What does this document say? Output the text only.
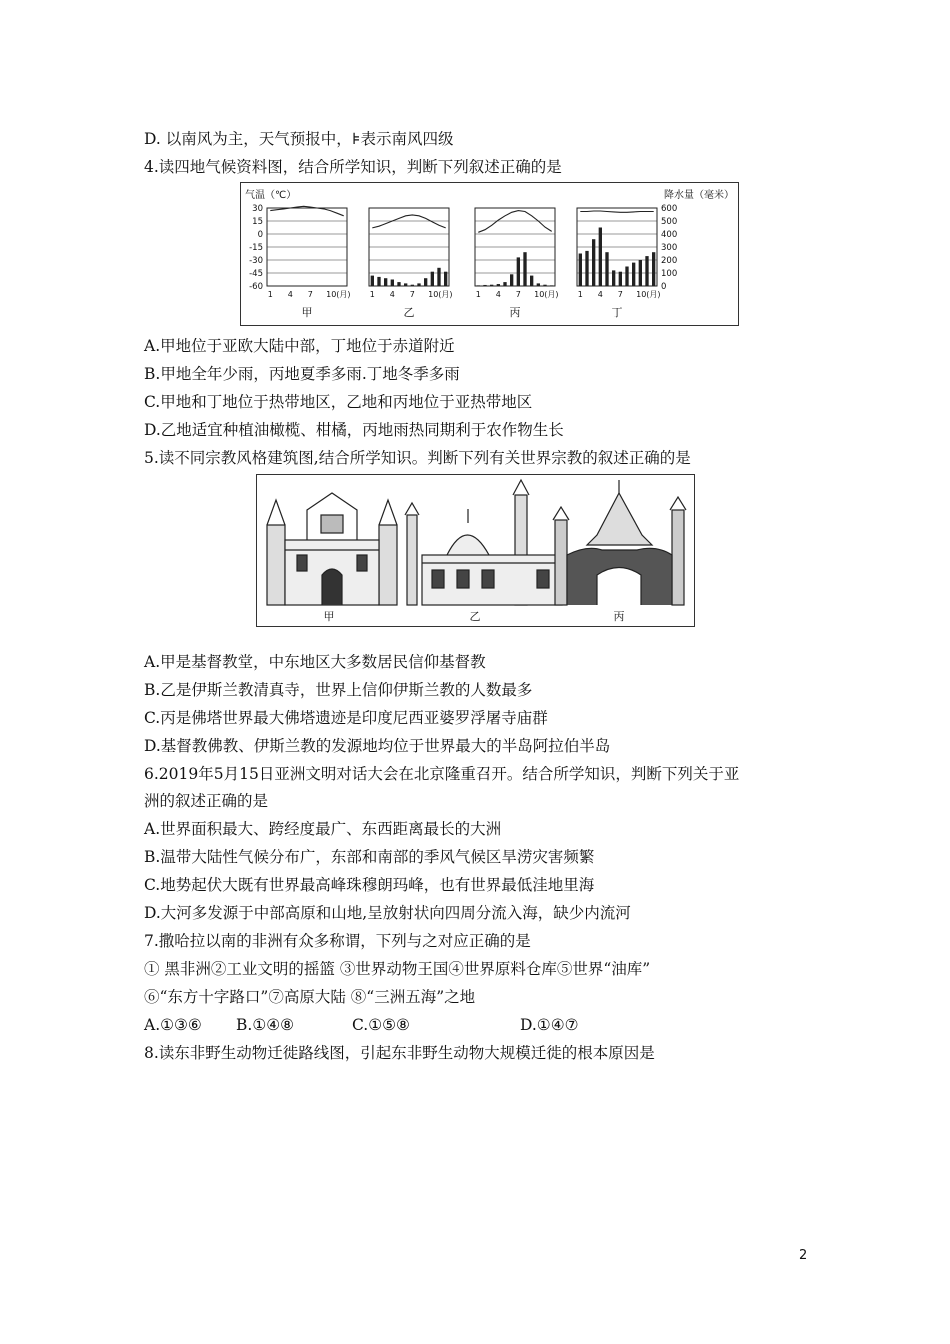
D. 以南风为主，天气预报中，⊧表示南风四级
4.读四地气候资料图，结合所学知识，判断下列叙述正确的是
气温（℃）	降水量（毫米）
30
15
0
-15
-30
-45
-60
600
500
400
300
200
100
0
1 4 7 10(月)
甲
1 4 7 10(月)
乙
1 4 7 10(月)
丙
1 4 7 10(月)
丁
A.甲地位于亚欧大陆中部，丁地位于赤道附近
B.甲地全年少雨，丙地夏季多雨.丁地冬季多雨
C.甲地和丁地位于热带地区，乙地和丙地位于亚热带地区
D.乙地适宜种植油橄榄、柑橘，丙地雨热同期利于农作物生长
5.读不同宗教风格建筑图,结合所学知识。判断下列有关世界宗教的叙述正确的是
甲	乙	丙
A.甲是基督教堂，中东地区大多数居民信仰基督教
B.乙是伊斯兰教清真寺，世界上信仰伊斯兰教的人数最多
C.丙是佛塔世界最大佛塔遗迹是印度尼西亚婆罗浮屠寺庙群
D.基督教佛教、伊斯兰教的发源地均位于世界最大的半岛阿拉伯半岛
6.2019年5月15日亚洲文明对话大会在北京隆重召开。结合所学知识，判断下列关于亚
洲的叙述正确的是
A.世界面积最大、跨经度最广、东西距离最长的大洲
B.温带大陆性气候分布广，东部和南部的季风气候区旱涝灾害频繁
C.地势起伏大既有世界最高峰珠穆朗玛峰，也有世界最低洼地里海
D.大河多发源于中部高原和山地,呈放射状向四周分流入海，缺少内流河
7.撒哈拉以南的非洲有众多称谓，下列与之对应正确的是
① 黑非洲②工业文明的摇篮 ③世界动物王国④世界原料仓库⑤世界“油库”
⑥“东方十字路口”⑦高原大陆 ⑧“三洲五海”之地
A.①③⑥ B.①④⑧	C.①⑤⑧	D.①④⑦
8.读东非野生动物迁徙路线图，引起东非野生动物大规模迁徙的根本原因是
2
